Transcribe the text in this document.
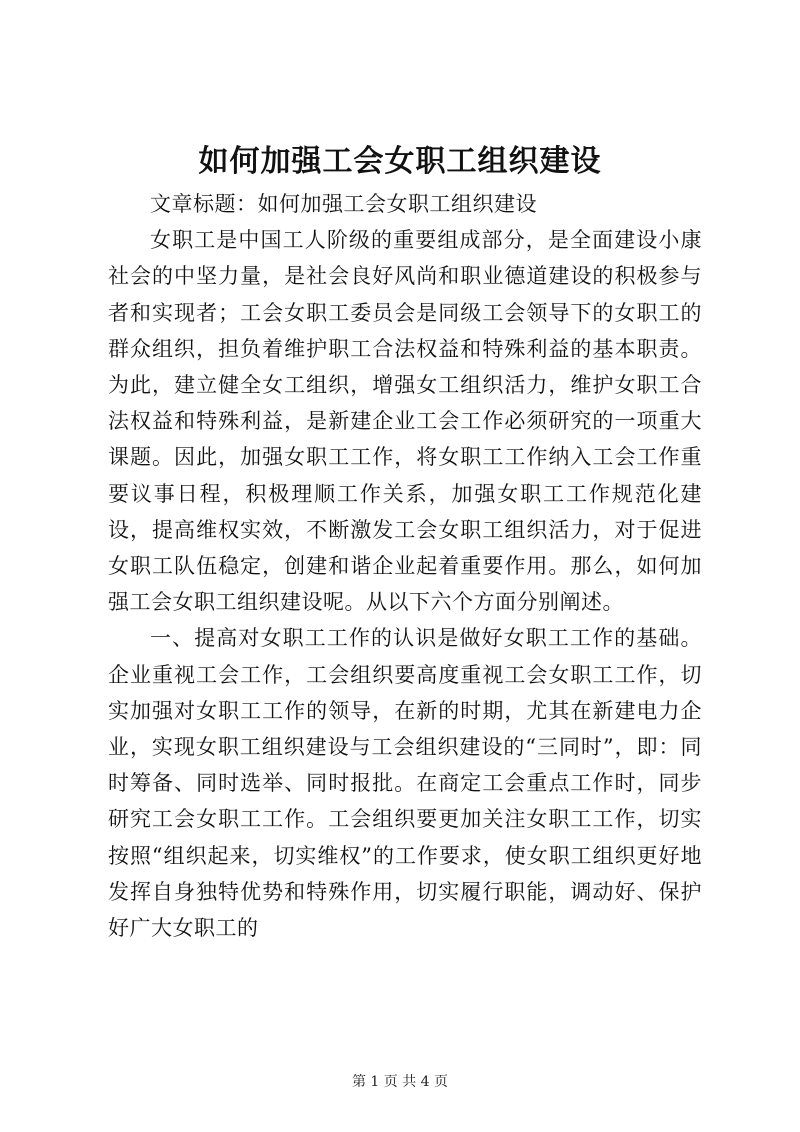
如何加强工会女职工组织建设

文章标题：如何加强工会女职工组织建设

女职工是中国工人阶级的重要组成部分，是全面建设小康社会的中坚力量，是社会良好风尚和职业德道建设的积极参与者和实现者；工会女职工委员会是同级工会领导下的女职工的群众组织，担负着维护职工合法权益和特殊利益的基本职责。为此，建立健全女工组织，增强女工组织活力，维护女职工合法权益和特殊利益，是新建企业工会工作必须研究的一项重大课题。因此，加强女职工工作，将女职工工作纳入工会工作重要议事日程，积极理顺工作关系，加强女职工工作规范化建设，提高维权实效，不断激发工会女职工组织活力，对于促进女职工队伍稳定，创建和谐企业起着重要作用。那么，如何加强工会女职工组织建设呢。从以下六个方面分别阐述。

一、提高对女职工工作的认识是做好女职工工作的基础。企业重视工会工作，工会组织要高度重视工会女职工工作，切实加强对女职工工作的领导，在新的时期，尤其在新建电力企业，实现女职工组织建设与工会组织建设的“三同时”，即：同时筹备、同时选举、同时报批。在商定工会重点工作时，同步研究工会女职工工作。工会组织要更加关注女职工工作，切实按照“组织起来，切实维权”的工作要求，使女职工组织更好地发挥自身独特优势和特殊作用，切实履行职能，调动好、保护好广大女职工的

第 1 页 共 4 页
